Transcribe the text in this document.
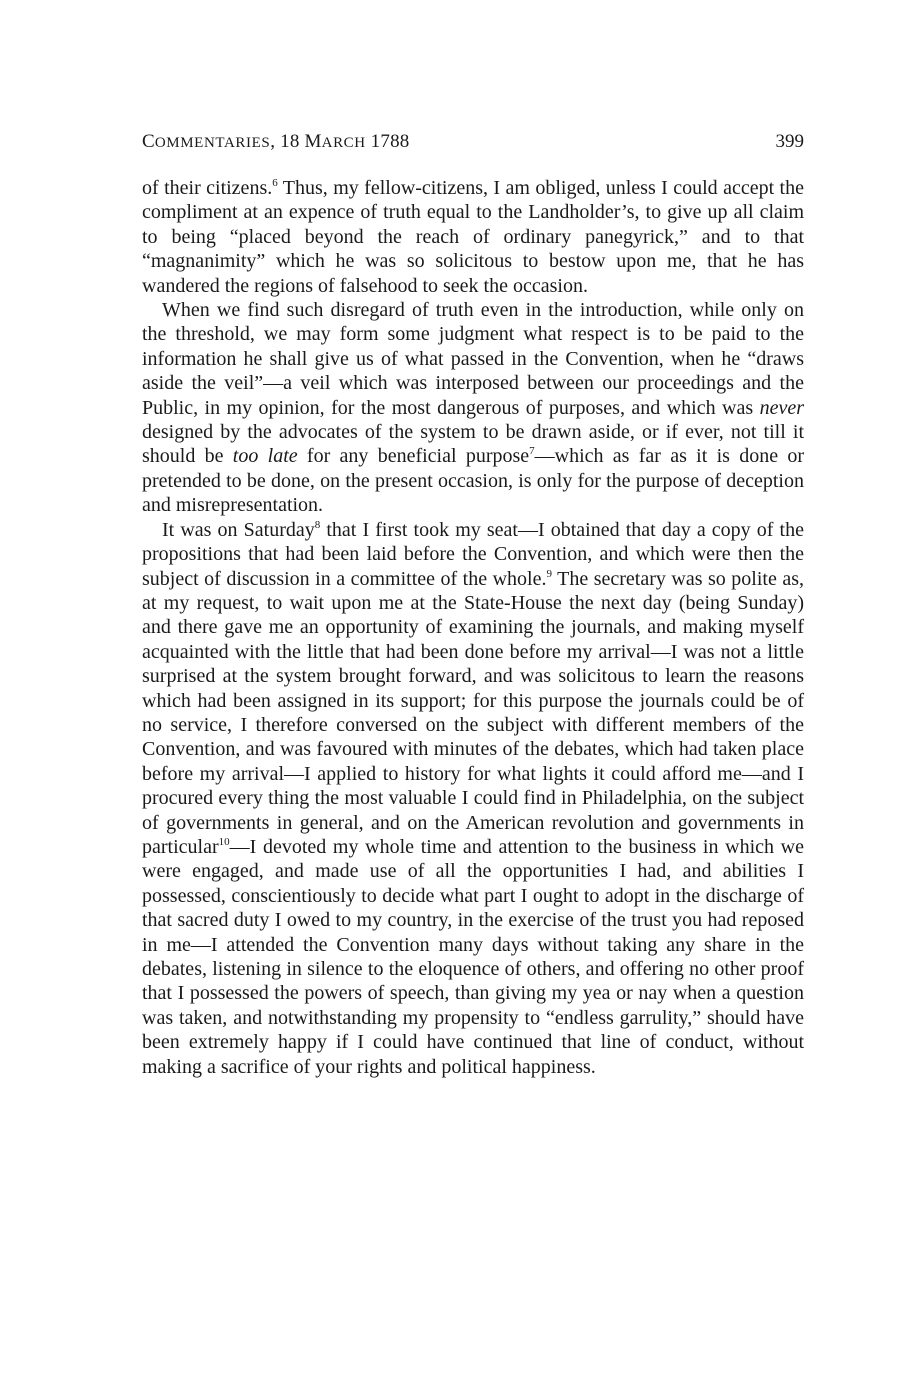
COMMENTARIES, 18 MARCH 1788	399

of their citizens.$^6$ Thus, my fellow-citizens, I am obliged, unless I could accept the compliment at an expence of truth equal to the Landholder’s, to give up all claim to being “placed beyond the reach of ordinary panegyrick,” and to that “magnanimity” which he was so solicitous to bestow upon me, that he has wandered the regions of falsehood to seek the occasion.

When we find such disregard of truth even in the introduction, while only on the threshold, we may form some judgment what respect is to be paid to the information he shall give us of what passed in the Convention, when he “draws aside the veil”—a veil which was interposed between our proceedings and the Public, in my opinion, for the most dangerous of purposes, and which was never designed by the advocates of the system to be drawn aside, or if ever, not till it should be too late for any beneficial purpose$^7$—which as far as it is done or pretended to be done, on the present occasion, is only for the purpose of deception and misrepresentation.

It was on Saturday$^8$ that I first took my seat—I obtained that day a copy of the propositions that had been laid before the Convention, and which were then the subject of discussion in a committee of the whole.$^9$ The secretary was so polite as, at my request, to wait upon me at the State-House the next day (being Sunday) and there gave me an opportunity of examining the journals, and making myself acquainted with the little that had been done before my arrival—I was not a little surprised at the system brought forward, and was solicitous to learn the reasons which had been assigned in its support; for this purpose the journals could be of no service, I therefore conversed on the subject with different members of the Convention, and was favoured with minutes of the debates, which had taken place before my arrival—I applied to history for what lights it could afford me—and I procured every thing the most valuable I could find in Philadelphia, on the subject of governments in general, and on the American revolution and governments in particular$^{10}$—I devoted my whole time and attention to the business in which we were engaged, and made use of all the opportunities I had, and abilities I possessed, conscientiously to decide what part I ought to adopt in the discharge of that sacred duty I owed to my country, in the exercise of the trust you had reposed in me—I attended the Convention many days without taking any share in the debates, listening in silence to the eloquence of others, and offering no other proof that I possessed the powers of speech, than giving my yea or nay when a question was taken, and notwithstanding my propensity to “endless garrulity,” should have been extremely happy if I could have continued that line of conduct, without making a sacrifice of your rights and political happiness.
